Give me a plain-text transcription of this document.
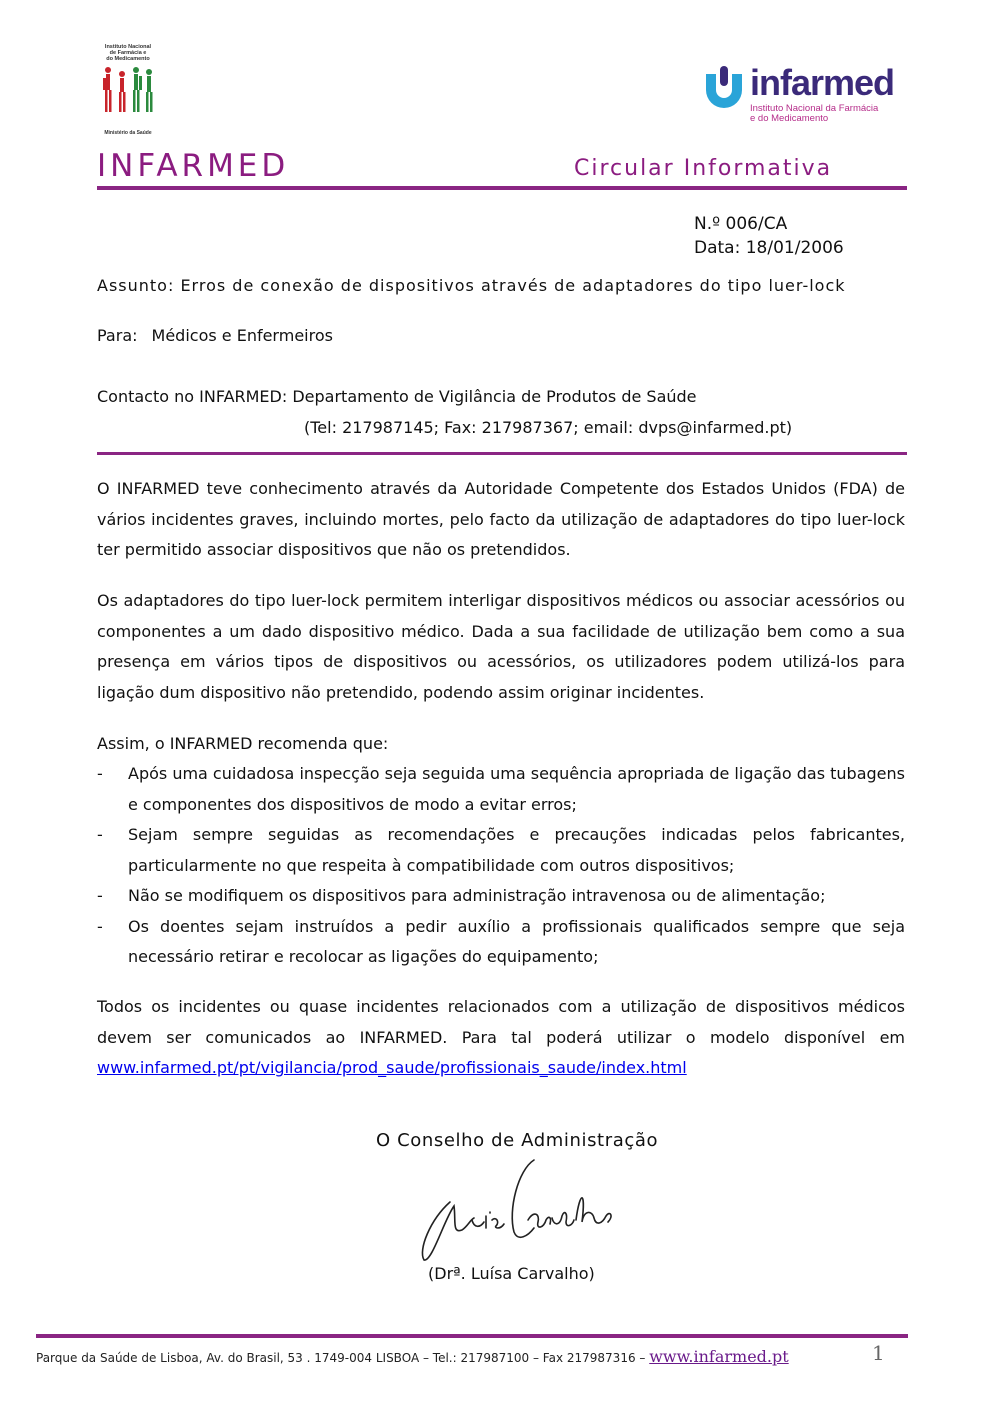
Instituto Nacional
de Farmácia e
do Medicamento
Ministério da Saúde
infarmed
Instituto Nacional da Farmácia
e do Medicamento
INFARMED	Circular Informativa
N.º 006/CA
Data: 18/01/2006
Assunto: Erros de conexão de dispositivos através de adaptadores do tipo luer-lock
Para: Médicos e Enfermeiros
Contacto no INFARMED: Departamento de Vigilância de Produtos de Saúde
(Tel: 217987145; Fax: 217987367; email: dvps@infarmed.pt)
O INFARMED teve conhecimento através da Autoridade Competente dos Estados Unidos (FDA) de vários incidentes graves, incluindo mortes, pelo facto da utilização de adaptadores do tipo luer-lock ter permitido associar dispositivos que não os pretendidos.
Os adaptadores do tipo luer-lock permitem interligar dispositivos médicos ou associar acessórios ou componentes a um dado dispositivo médico. Dada a sua facilidade de utilização bem como a sua presença em vários tipos de dispositivos ou acessórios, os utilizadores podem utilizá-los para ligação dum dispositivo não pretendido, podendo assim originar incidentes.
Assim, o INFARMED recomenda que:
- Após uma cuidadosa inspecção seja seguida uma sequência apropriada de ligação das tubagens e componentes dos dispositivos de modo a evitar erros;
- Sejam sempre seguidas as recomendações e precauções indicadas pelos fabricantes, particularmente no que respeita à compatibilidade com outros dispositivos;
- Não se modifiquem os dispositivos para administração intravenosa ou de alimentação;
- Os doentes sejam instruídos a pedir auxílio a profissionais qualificados sempre que seja necessário retirar e recolocar as ligações do equipamento;
Todos os incidentes ou quase incidentes relacionados com a utilização de dispositivos médicos devem ser comunicados ao INFARMED. Para tal poderá utilizar o modelo disponível em www.infarmed.pt/pt/vigilancia/prod_saude/profissionais_saude/index.html
O Conselho de Administração
(Drª. Luísa Carvalho)
Parque da Saúde de Lisboa, Av. do Brasil, 53 . 1749-004 LISBOA – Tel.: 217987100 – Fax 217987316 – www.infarmed.pt	1
